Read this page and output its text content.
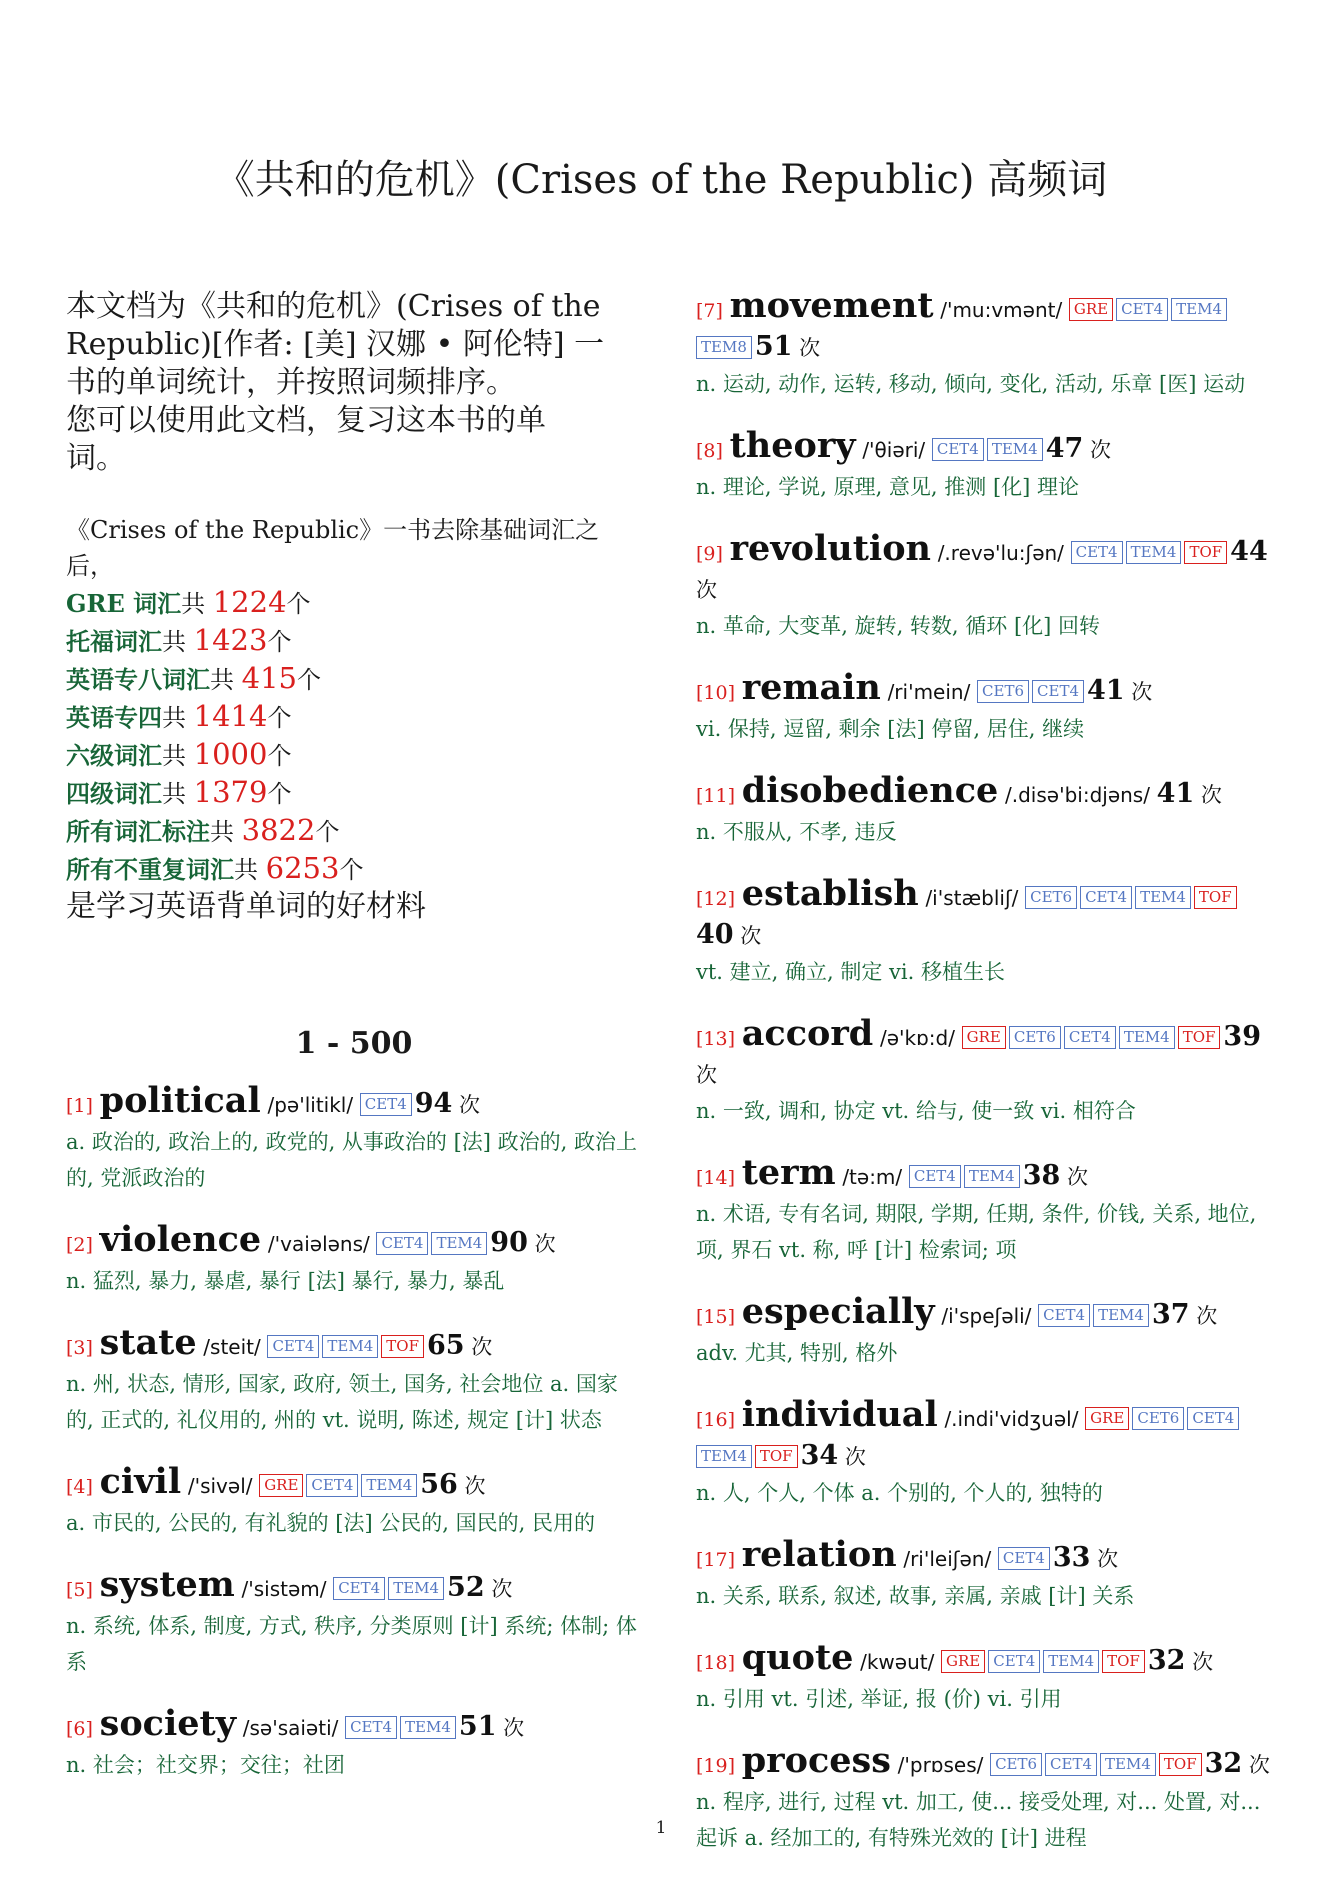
《共和的危机》(Crises of the Republic) 高频词
本文档为《共和的危机》(Crises of the
Republic)[作者: [美] 汉娜 • 阿伦特] 一
书的单词统计，并按照词频排序。
您可以使用此文档，复习这本书的单
词。
《Crises of the Republic》一书去除基础词汇之
后，
GRE 词汇共 1224个
托福词汇共 1423个
英语专八词汇共 415个
英语专四共 1414个
六级词汇共 1000个
四级词汇共 1379个
所有词汇标注共 3822个
所有不重复词汇共 6253个
是学习英语背单词的好材料
1 - 500
[1] political /pə'litikl/ CET4 94 次
a. 政治的, 政治上的, 政党的, 从事政治的 [法] 政治的, 政治上的, 党派政治的
[2] violence /'vaiələns/ CET4 TEM4 90 次
n. 猛烈, 暴力, 暴虐, 暴行 [法] 暴行, 暴力, 暴乱
[3] state /steit/ CET4 TEM4 TOF 65 次
n. 州, 状态, 情形, 国家, 政府, 领土, 国务, 社会地位 a. 国家的, 正式的, 礼仪用的, 州的 vt. 说明, 陈述, 规定 [计] 状态
[4] civil /'sivəl/ GRE CET4 TEM4 56 次
a. 市民的, 公民的, 有礼貌的 [法] 公民的, 国民的, 民用的
[5] system /'sistəm/ CET4 TEM4 52 次
n. 系统, 体系, 制度, 方式, 秩序, 分类原则 [计] 系统; 体制; 体系
[6] society /sə'saiəti/ CET4 TEM4 51 次
n. 社会；社交界；交往；社团
[7] movement /'mu:vmənt/ GRE CET4 TEM4TEM8 51 次
n. 运动, 动作, 运转, 移动, 倾向, 变化, 活动, 乐章 [医] 运动
[8] theory /'θiəri/ CET4 TEM4 47 次
n. 理论, 学说, 原理, 意见, 推测 [化] 理论
[9] revolution /.revə'lu:ʃən/ CET4 TEM4 TOF 44 次
n. 革命, 大变革, 旋转, 转数, 循环 [化] 回转
[10] remain /ri'mein/ CET6 CET4 41 次
vi. 保持, 逗留, 剩余 [法] 停留, 居住, 继续
[11] disobedience /.disə'bi:djəns/ 41 次
n. 不服从, 不孝, 违反
[12] establish /i'stæbliʃ/ CET6 CET4 TEM4 TOF40 次
vt. 建立, 确立, 制定 vi. 移植生长
[13] accord /ə'kɒ:d/ GRE CET6 CET4 TEM4 TOF 39 次
n. 一致, 调和, 协定 vt. 给与, 使一致 vi. 相符合
[14] term /tə:m/ CET4 TEM4 38 次
n. 术语, 专有名词, 期限, 学期, 任期, 条件, 价钱, 关系, 地位, 项, 界石 vt. 称, 呼 [计] 检索词; 项
[15] especially /i'speʃəli/ CET4 TEM4 37 次
adv. 尤其, 特别, 格外
[16] individual /.indi'vidʒuəl/ GRE CET6 CET4TEM4 TOF 34 次
n. 人, 个人, 个体 a. 个别的, 个人的, 独特的
[17] relation /ri'leiʃən/ CET4 33 次
n. 关系, 联系, 叙述, 故事, 亲属, 亲戚 [计] 关系
[18] quote /kwəut/ GRE CET4 TEM4 TOF 32 次
n. 引用 vt. 引述, 举证, 报 (价) vi. 引用
[19] process /'prɒses/ CET6 CET4 TEM4 TOF 32 次
n. 程序, 进行, 过程 vt. 加工, 使... 接受处理, 对... 处置, 对... 起诉 a. 经加工的, 有特殊光效的 [计] 进程
1
